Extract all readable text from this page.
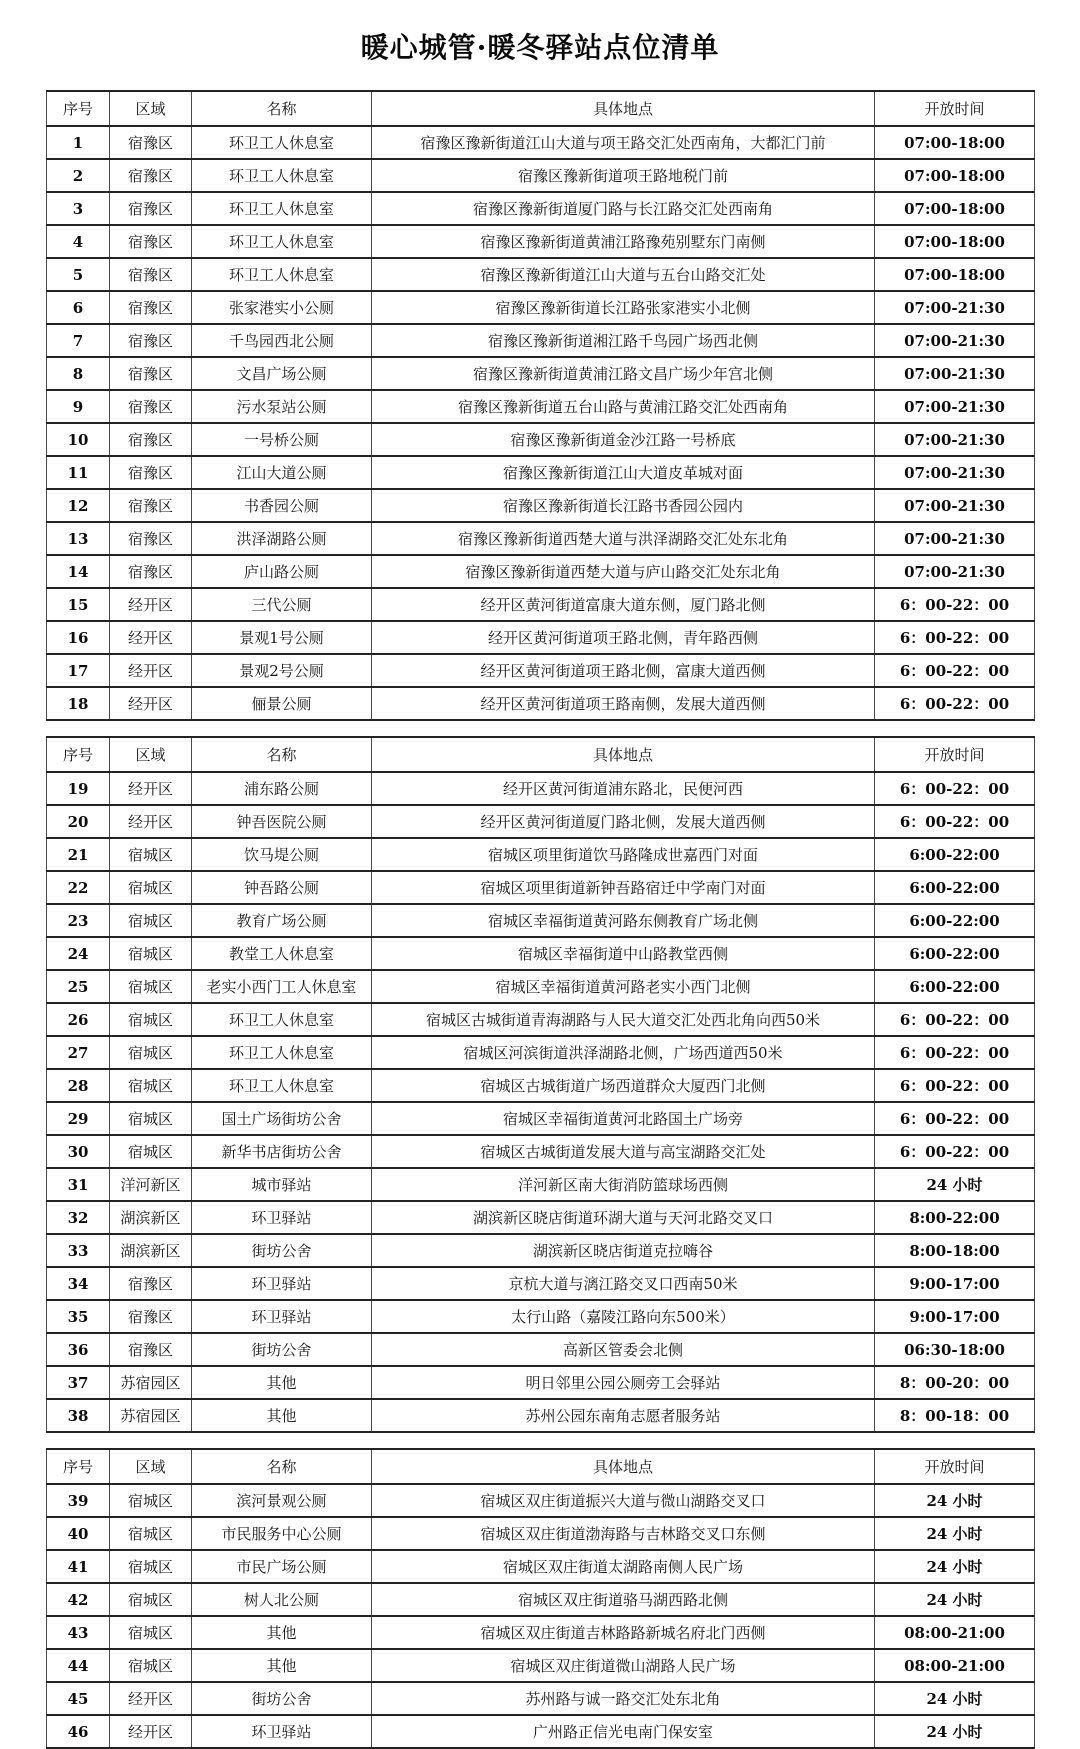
暖心城管·暖冬驿站点位清单
序号	区域	名称	具体地点	开放时间
1	宿豫区	环卫工人休息室	宿豫区豫新街道江山大道与项王路交汇处西南角，大都汇门前	07:00-18:00
2	宿豫区	环卫工人休息室	宿豫区豫新街道项王路地税门前	07:00-18:00
3	宿豫区	环卫工人休息室	宿豫区豫新街道厦门路与长江路交汇处西南角	07:00-18:00
4	宿豫区	环卫工人休息室	宿豫区豫新街道黄浦江路豫苑别墅东门南侧	07:00-18:00
5	宿豫区	环卫工人休息室	宿豫区豫新街道江山大道与五台山路交汇处	07:00-18:00
6	宿豫区	张家港实小公厕	宿豫区豫新街道长江路张家港实小北侧	07:00-21:30
7	宿豫区	千鸟园西北公厕	宿豫区豫新街道湘江路千鸟园广场西北侧	07:00-21:30
8	宿豫区	文昌广场公厕	宿豫区豫新街道黄浦江路文昌广场少年宫北侧	07:00-21:30
9	宿豫区	污水泵站公厕	宿豫区豫新街道五台山路与黄浦江路交汇处西南角	07:00-21:30
10	宿豫区	一号桥公厕	宿豫区豫新街道金沙江路一号桥底	07:00-21:30
11	宿豫区	江山大道公厕	宿豫区豫新街道江山大道皮革城对面	07:00-21:30
12	宿豫区	书香园公厕	宿豫区豫新街道长江路书香园公园内	07:00-21:30
13	宿豫区	洪泽湖路公厕	宿豫区豫新街道西楚大道与洪泽湖路交汇处东北角	07:00-21:30
14	宿豫区	庐山路公厕	宿豫区豫新街道西楚大道与庐山路交汇处东北角	07:00-21:30
15	经开区	三代公厕	经开区黄河街道富康大道东侧，厦门路北侧	6：00-22：00
16	经开区	景观1号公厕	经开区黄河街道项王路北侧，青年路西侧	6：00-22：00
17	经开区	景观2号公厕	经开区黄河街道项王路北侧，富康大道西侧	6：00-22：00
18	经开区	俪景公厕	经开区黄河街道项王路南侧，发展大道西侧	6：00-22：00
序号	区域	名称	具体地点	开放时间
19	经开区	浦东路公厕	经开区黄河街道浦东路北，民便河西	6：00-22：00
20	经开区	钟吾医院公厕	经开区黄河街道厦门路北侧，发展大道西侧	6：00-22：00
21	宿城区	饮马堤公厕	宿城区项里街道饮马路隆成世嘉西门对面	6:00-22:00
22	宿城区	钟吾路公厕	宿城区项里街道新钟吾路宿迁中学南门对面	6:00-22:00
23	宿城区	教育广场公厕	宿城区幸福街道黄河路东侧教育广场北侧	6:00-22:00
24	宿城区	教堂工人休息室	宿城区幸福街道中山路教堂西侧	6:00-22:00
25	宿城区	老实小西门工人休息室	宿城区幸福街道黄河路老实小西门北侧	6:00-22:00
26	宿城区	环卫工人休息室	宿城区古城街道青海湖路与人民大道交汇处西北角向西50米	6：00-22：00
27	宿城区	环卫工人休息室	宿城区河滨街道洪泽湖路北侧，广场西道西50米	6：00-22：00
28	宿城区	环卫工人休息室	宿城区古城街道广场西道群众大厦西门北侧	6：00-22：00
29	宿城区	国土广场街坊公舍	宿城区幸福街道黄河北路国土广场旁	6：00-22：00
30	宿城区	新华书店街坊公舍	宿城区古城街道发展大道与高宝湖路交汇处	6：00-22：00
31	洋河新区	城市驿站	洋河新区南大街消防篮球场西侧	24 小时
32	湖滨新区	环卫驿站	湖滨新区晓店街道环湖大道与天河北路交叉口	8:00-22:00
33	湖滨新区	街坊公舍	湖滨新区晓店街道克拉嗨谷	8:00-18:00
34	宿豫区	环卫驿站	京杭大道与漓江路交叉口西南50米	9:00-17:00
35	宿豫区	环卫驿站	太行山路（嘉陵江路向东500米）	9:00-17:00
36	宿豫区	街坊公舍	高新区管委会北侧	06:30-18:00
37	苏宿园区	其他	明日邻里公园公厕旁工会驿站	8：00-20：00
38	苏宿园区	其他	苏州公园东南角志愿者服务站	8：00-18：00
序号	区域	名称	具体地点	开放时间
39	宿城区	滨河景观公厕	宿城区双庄街道振兴大道与微山湖路交叉口	24 小时
40	宿城区	市民服务中心公厕	宿城区双庄街道渤海路与吉林路交叉口东侧	24 小时
41	宿城区	市民广场公厕	宿城区双庄街道太湖路南侧人民广场	24 小时
42	宿城区	树人北公厕	宿城区双庄街道骆马湖西路北侧	24 小时
43	宿城区	其他	宿城区双庄街道吉林路路新城名府北门西侧	08:00-21:00
44	宿城区	其他	宿城区双庄街道微山湖路人民广场	08:00-21:00
45	经开区	街坊公舍	苏州路与诚一路交汇处东北角	24 小时
46	经开区	环卫驿站	广州路正信光电南门保安室	24 小时
